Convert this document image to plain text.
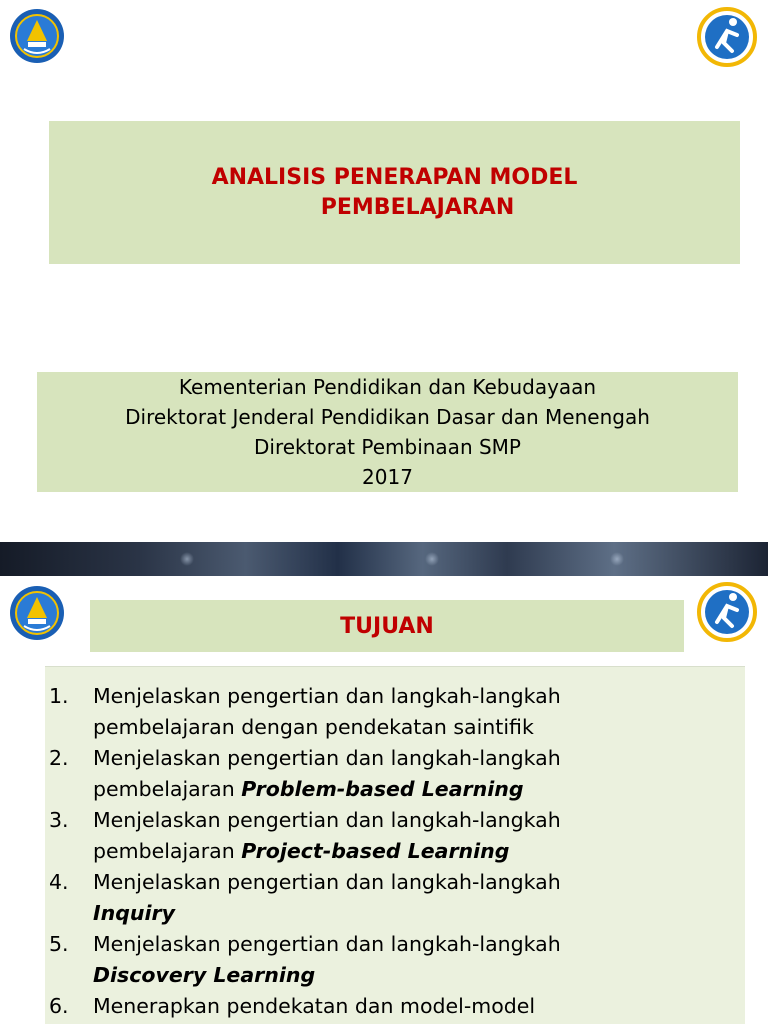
ANALISIS PENERAPAN MODEL
PEMBELAJARAN
Kementerian Pendidikan dan Kebudayaan
Direktorat Jenderal Pendidikan Dasar dan Menengah
Direktorat Pembinaan SMP
2017
TUJUAN
1.	Menjelaskan pengertian dan langkah-langkah
pembelajaran dengan pendekatan saintifik
2.	Menjelaskan pengertian dan langkah-langkah
pembelajaran Problem-based Learning
3.	Menjelaskan pengertian dan langkah-langkah
pembelajaran Project-based Learning
4.	Menjelaskan pengertian dan langkah-langkah
Inquiry
5.	Menjelaskan pengertian dan langkah-langkah
Discovery Learning
6.	Menerapkan pendekatan dan model-model
